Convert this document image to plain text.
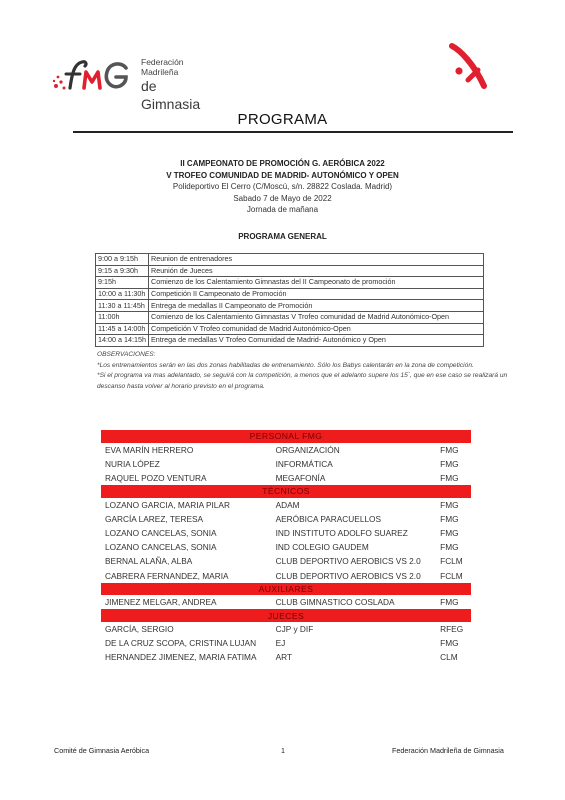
Federación Madrileña
de Gimnasia
PROGRAMA
II CAMPEONATO DE PROMOCIÓN G. AERÓBICA 2022
V TROFEO COMUNIDAD DE MADRID- AUTONÓMICO Y OPEN
Polideportivo El Cerro (C/Moscú, s/n. 28822 Coslada. Madrid)
Sabado 7 de Mayo de 2022
Jornada de mañana
PROGRAMA GENERAL
9:00 a 9:15h	Reunion de entrenadores
9:15 a 9:30h	Reunión de Jueces
9:15h	Comienzo de los Calentamiento Gimnastas del II Campeonato de promoción
10:00 a 11:30h	Competición II Campeonato de Promoción
11:30 a 11:45h	Entrega de medallas II Campeonato de Promoción
11:00h	Comienzo de los Calentamiento Gimnastas V Trofeo comunidad de Madrid Autonómico-Open
11:45 a 14:00h	Competición V Trofeo comunidad de Madrid Autonómico-Open
14:00 a 14:15h	Entrega de medallas V Trofeo Comunidad de Madrid- Autonómico y Open
OBSERVACIONES:
*Los entrenamientos serán en las dos zonas habilitadas de entrenamiento. Sólo los Babys calentarán en la zona de competición.
*Si el programa va mas adelantado, se seguirá con la competición, a menos que el adelanto supere los 15´, que en ese caso se realizará un descanso hasta volver al horario previsto en el programa.
PERSONAL FMG		
EVA MARÍN HERRERO	ORGANIZACIÓN	FMG
NURIA LÓPEZ	INFORMÁTICA	FMG
RAQUEL POZO VENTURA	MEGAFONÍA	FMG
TÉCNICOS		
LOZANO GARCIA, MARIA PILAR	ADAM	FMG
GARCÍA LAREZ, TERESA	AERÓBICA PARACUELLOS	FMG
LOZANO CANCELAS, SONIA	IND INSTITUTO ADOLFO SUAREZ	FMG
LOZANO CANCELAS, SONIA	IND COLEGIO GAUDEM	FMG
BERNAL ALAÑA, ALBA	CLUB DEPORTIVO AEROBICS VS 2.0	FCLM
CABRERA FERNANDEZ, MARIA	CLUB DEPORTIVO AEROBICS VS 2.0	FCLM
AUXILIARES		
JIMENEZ MELGAR, ANDREA	CLUB GIMNASTICO COSLADA	FMG
JUECES		
GARCÍA, SERGIO	CJP y DIF	RFEG
DE LA CRUZ SCOPA, CRISTINA LUJAN	EJ	FMG
HERNANDEZ JIMENEZ, MARIA FATIMA	ART	CLM
Comité de Gimnasia Aeróbica	1	Federación Madrileña de Gimnasia
